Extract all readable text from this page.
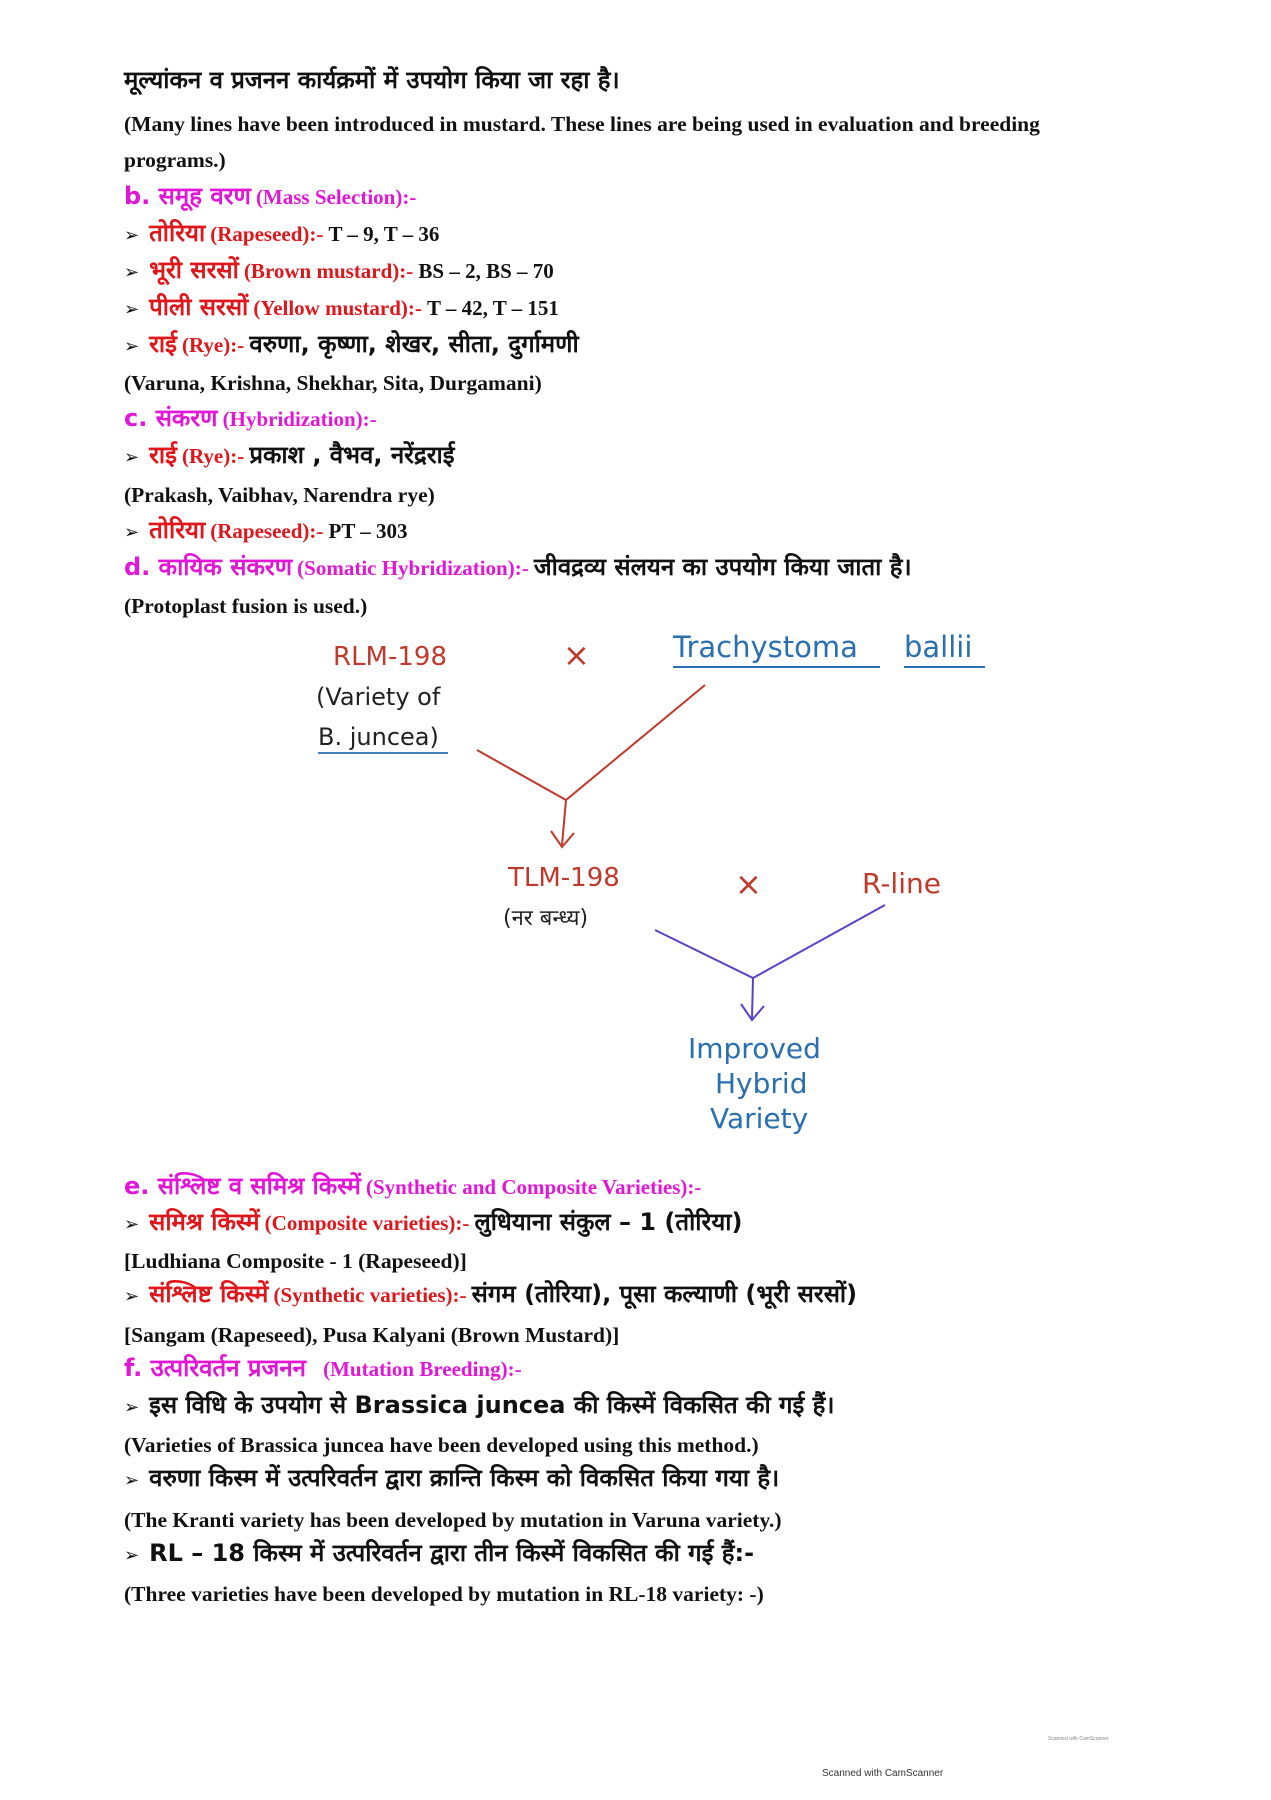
मूल्यांकन व प्रजनन कार्यक्रमों में उपयोग किया जा रहा है।
(Many lines have been introduced in mustard. These lines are being used in evaluation and breeding
programs.)
b. समूह वरण (Mass Selection):-
➢ तोरिया (Rapeseed):- T – 9, T – 36
➢ भूरी सरसों (Brown mustard):- BS – 2, BS – 70
➢ पीली सरसों (Yellow mustard):- T – 42, T – 151
➢ राई (Rye):- वरुणा, कृष्णा, शेखर, सीता, दुर्गामणी
(Varuna, Krishna, Shekhar, Sita, Durgamani)
c. संकरण (Hybridization):-
➢ राई (Rye):- प्रकाश , वैभव, नरेंद्रराई
(Prakash, Vaibhav, Narendra rye)
➢ तोरिया (Rapeseed):- PT – 303
d. कायिक संकरण (Somatic Hybridization):- जीवद्रव्य संलयन का उपयोग किया जाता है।
(Protoplast fusion is used.)
RLM-198
(Variety of
B. juncea)
×	Trachystoma ballii
TLM-198
(नर बन्ध्य)
×	R-line
Improved
Hybrid
Variety
e. संश्लिष्ट व समिश्र किस्में (Synthetic and Composite Varieties):-
➢ समिश्र किस्में (Composite varieties):- लुधियाना संकुल – 1 (तोरिया)
[Ludhiana Composite - 1 (Rapeseed)]
➢ संश्लिष्ट किस्में (Synthetic varieties):- संगम (तोरिया), पूसा कल्याणी (भूरी सरसों)
[Sangam (Rapeseed), Pusa Kalyani (Brown Mustard)]
f. उत्परिवर्तन प्रजनन (Mutation Breeding):-
➢ इस विधि के उपयोग से Brassica juncea की किस्में विकसित की गई हैं।
(Varieties of Brassica juncea have been developed using this method.)
➢ वरुणा किस्म में उत्परिवर्तन द्वारा क्रान्ति किस्म को विकसित किया गया है।
(The Kranti variety has been developed by mutation in Varuna variety.)
➢ RL – 18 किस्म में उत्परिवर्तन द्वारा तीन किस्में विकसित की गई हैं:-
(Three varieties have been developed by mutation in RL-18 variety: -)
Scanned with CamScanner
Scanned with CamScanner
